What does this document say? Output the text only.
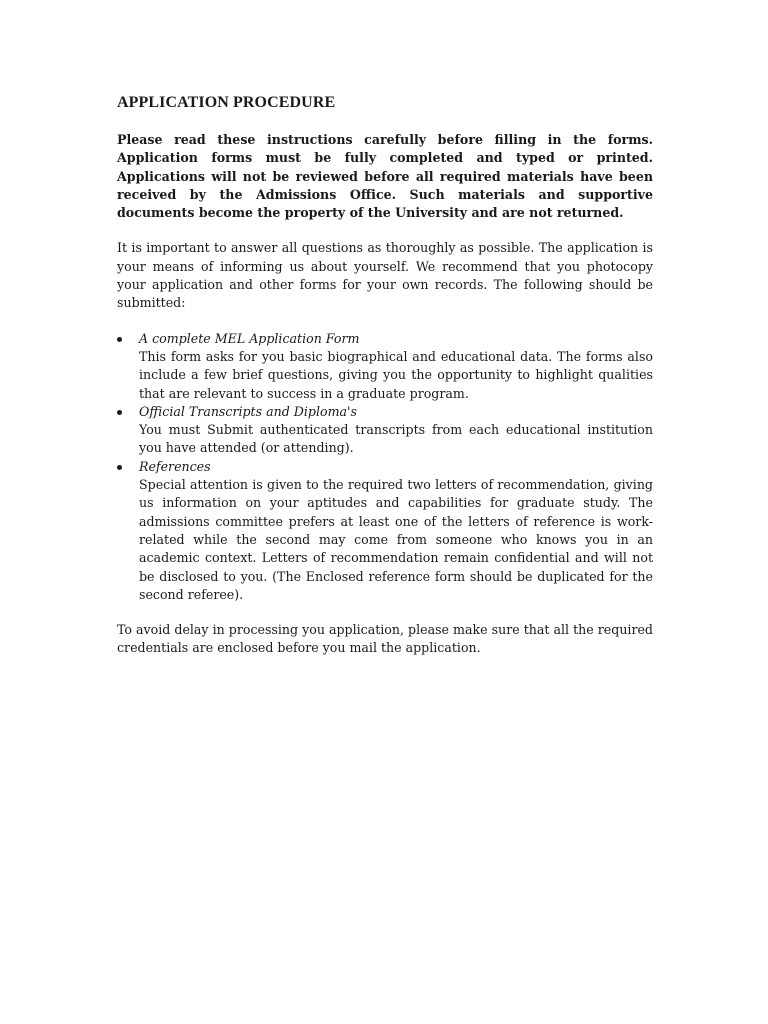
APPLICATION PROCEDURE

Please read these instructions carefully before filling in the forms. Application forms must be fully completed and typed or printed. Applications will not be reviewed before all required materials have been received by the Admissions Office. Such materials and supportive documents become the property of the University and are not returned.

It is important to answer all questions as thoroughly as possible. The application is your means of informing us about yourself. We recommend that you photocopy your application and other forms for your own records. The following should be submitted:

A complete MEL Application Form

This form asks for you basic biographical and educational data. The forms also include a few brief questions, giving you the opportunity to highlight qualities that are relevant to success in a graduate program.

Official Transcripts and Diploma's

You must Submit authenticated transcripts from each educational institution you have attended (or attending).

References

Special attention is given to the required two letters of recommendation, giving us information on your aptitudes and capabilities for graduate study. The admissions committee prefers at least one of the letters of reference is work-related while the second may come from someone who knows you in an academic context. Letters of recommendation remain confidential and will not be disclosed to you. (The Enclosed reference form should be duplicated for the second referee).

To avoid delay in processing you application, please make sure that all the required credentials are enclosed before you mail the application.
